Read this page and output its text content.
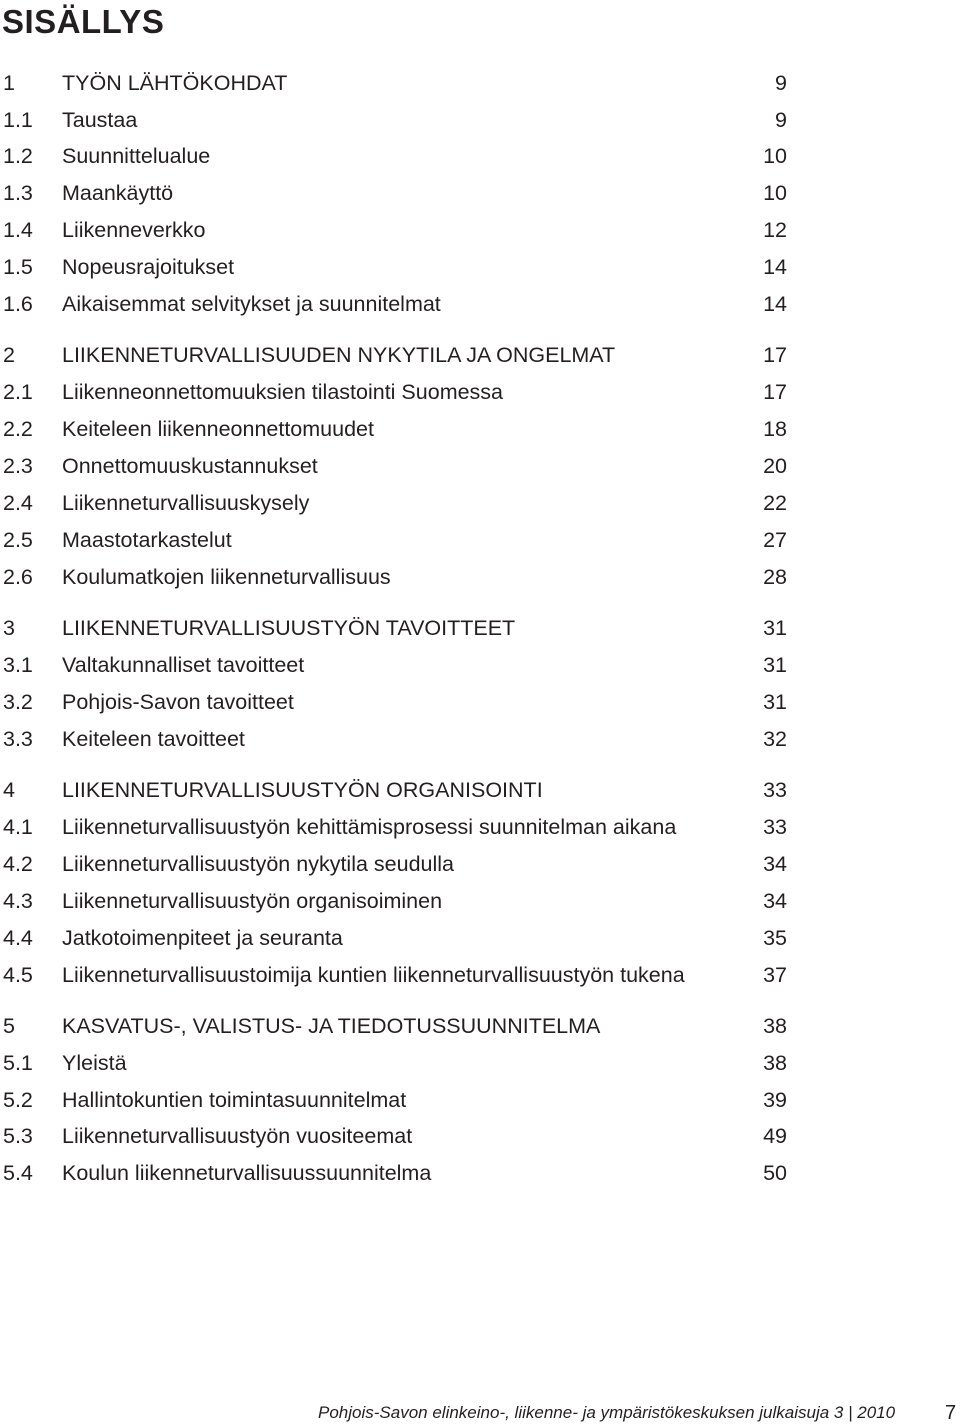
SISÄLLYS
1 TYÖN LÄHTÖKOHDAT	9
1.1 Taustaa	9
1.2 Suunnittelualue	10
1.3 Maankäyttö	10
1.4 Liikenneverkko	12
1.5 Nopeusrajoitukset	14
1.6 Aikaisemmat selvitykset ja suunnitelmat	14
2 LIIKENNETURVALLISUUDEN NYKYTILA JA ONGELMAT	17
2.1 Liikenneonnettomuuksien tilastointi Suomessa	17
2.2 Keiteleen liikenneonnettomuudet	18
2.3 Onnettomuuskustannukset	20
2.4 Liikenneturvallisuuskysely	22
2.5 Maastotarkastelut	27
2.6 Koulumatkojen liikenneturvallisuus	28
3 LIIKENNETURVALLISUUSTYÖN TAVOITTEET	31
3.1 Valtakunnalliset tavoitteet	31
3.2 Pohjois-Savon tavoitteet	31
3.3 Keiteleen tavoitteet	32
4 LIIKENNETURVALLISUUSTYÖN ORGANISOINTI	33
4.1 Liikenneturvallisuustyön kehittämisprosessi suunnitelman aikana	33
4.2 Liikenneturvallisuustyön nykytila seudulla	34
4.3 Liikenneturvallisuustyön organisoiminen	34
4.4 Jatkotoimenpiteet ja seuranta	35
4.5 Liikenneturvallisuustoimija kuntien liikenneturvallisuustyön tukena	37
5 KASVATUS-, VALISTUS- JA TIEDOTUSSUUNNITELMA	38
5.1 Yleistä	38
5.2 Hallintokuntien toimintasuunnitelmat	39
5.3 Liikenneturvallisuustyön vuositeemat	49
5.4 Koulun liikenneturvallisuussuunnitelma	50
Pohjois-Savon elinkeino-, liikenne- ja ympäristökeskuksen julkaisuja 3 | 2010 7
